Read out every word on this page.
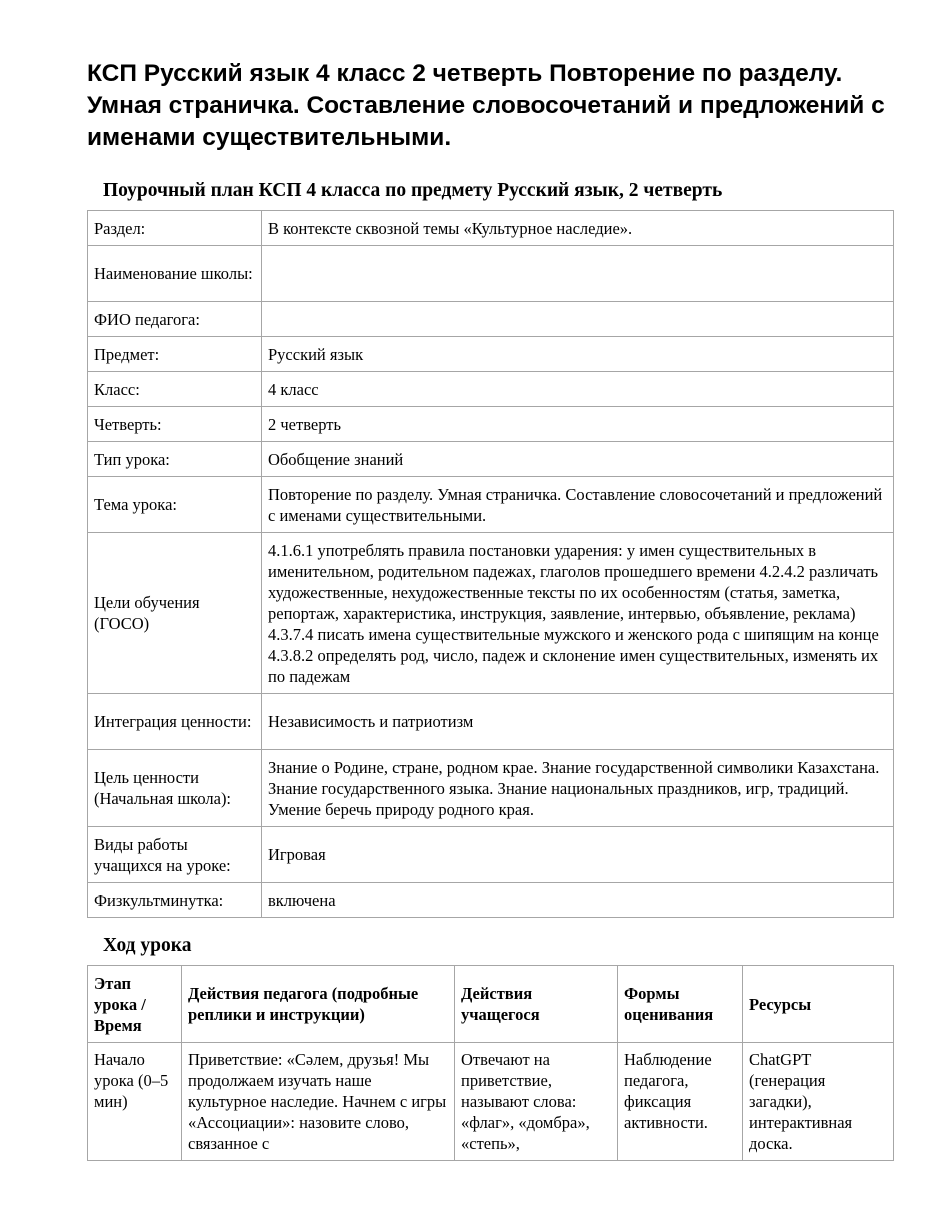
КСП Русский язык 4 класс 2 четверть Повторение по разделу. Умная страничка. Составление словосочетаний и предложений с именами существительными.

Поурочный план КСП 4 класса по предмету Русский язык, 2 четверть

Раздел:	В контексте сквозной темы «Культурное наследие».
Наименование школы:	
ФИО педагога:	
Предмет:	Русский язык
Класс:	4 класс
Четверть:	2 четверть
Тип урока:	Обобщение знаний
Тема урока:	Повторение по разделу. Умная страничка. Составление словосочетаний и предложений с именами существительными.
Цели обучения (ГОСО)	4.1.6.1 употреблять правила постановки ударения: у имен существительных в именительном, родительном падежах, глаголов прошедшего времени 4.2.4.2 различать художественные, нехудожественные тексты по их особенностям (статья, заметка, репортаж, характеристика, инструкция, заявление, интервью, объявление, реклама) 4.3.7.4 писать имена существительные мужского и женского рода с шипящим на конце 4.3.8.2 определять род, число, падеж и склонение имен существительных, изменять их по падежам
Интеграция ценности:	Независимость и патриотизм
Цель ценности (Начальная школа):	Знание о Родине, стране, родном крае. Знание государственной символики Казахстана. Знание государственного языка. Знание национальных праздников, игр, традиций. Умение беречь природу родного края.
Виды работы учащихся на уроке:	Игровая
Физкультминутка:	включена

Ход урока

Этап урока / Время	Действия педагога (подробные реплики и инструкции)	Действия учащегося	Формы оценивания	Ресурсы
Начало урока (0–5 мин)	Приветствие: «Сәлем, друзья! Мы продолжаем изучать наше культурное наследие. Начнем с игры «Ассоциации»: назовите слово, связанное с	Отвечают на приветствие, называют слова: «флаг», «домбра», «степь»,	Наблюдение педагога, фиксация активности.	ChatGPT (генерация загадки), интерактивная доска.
